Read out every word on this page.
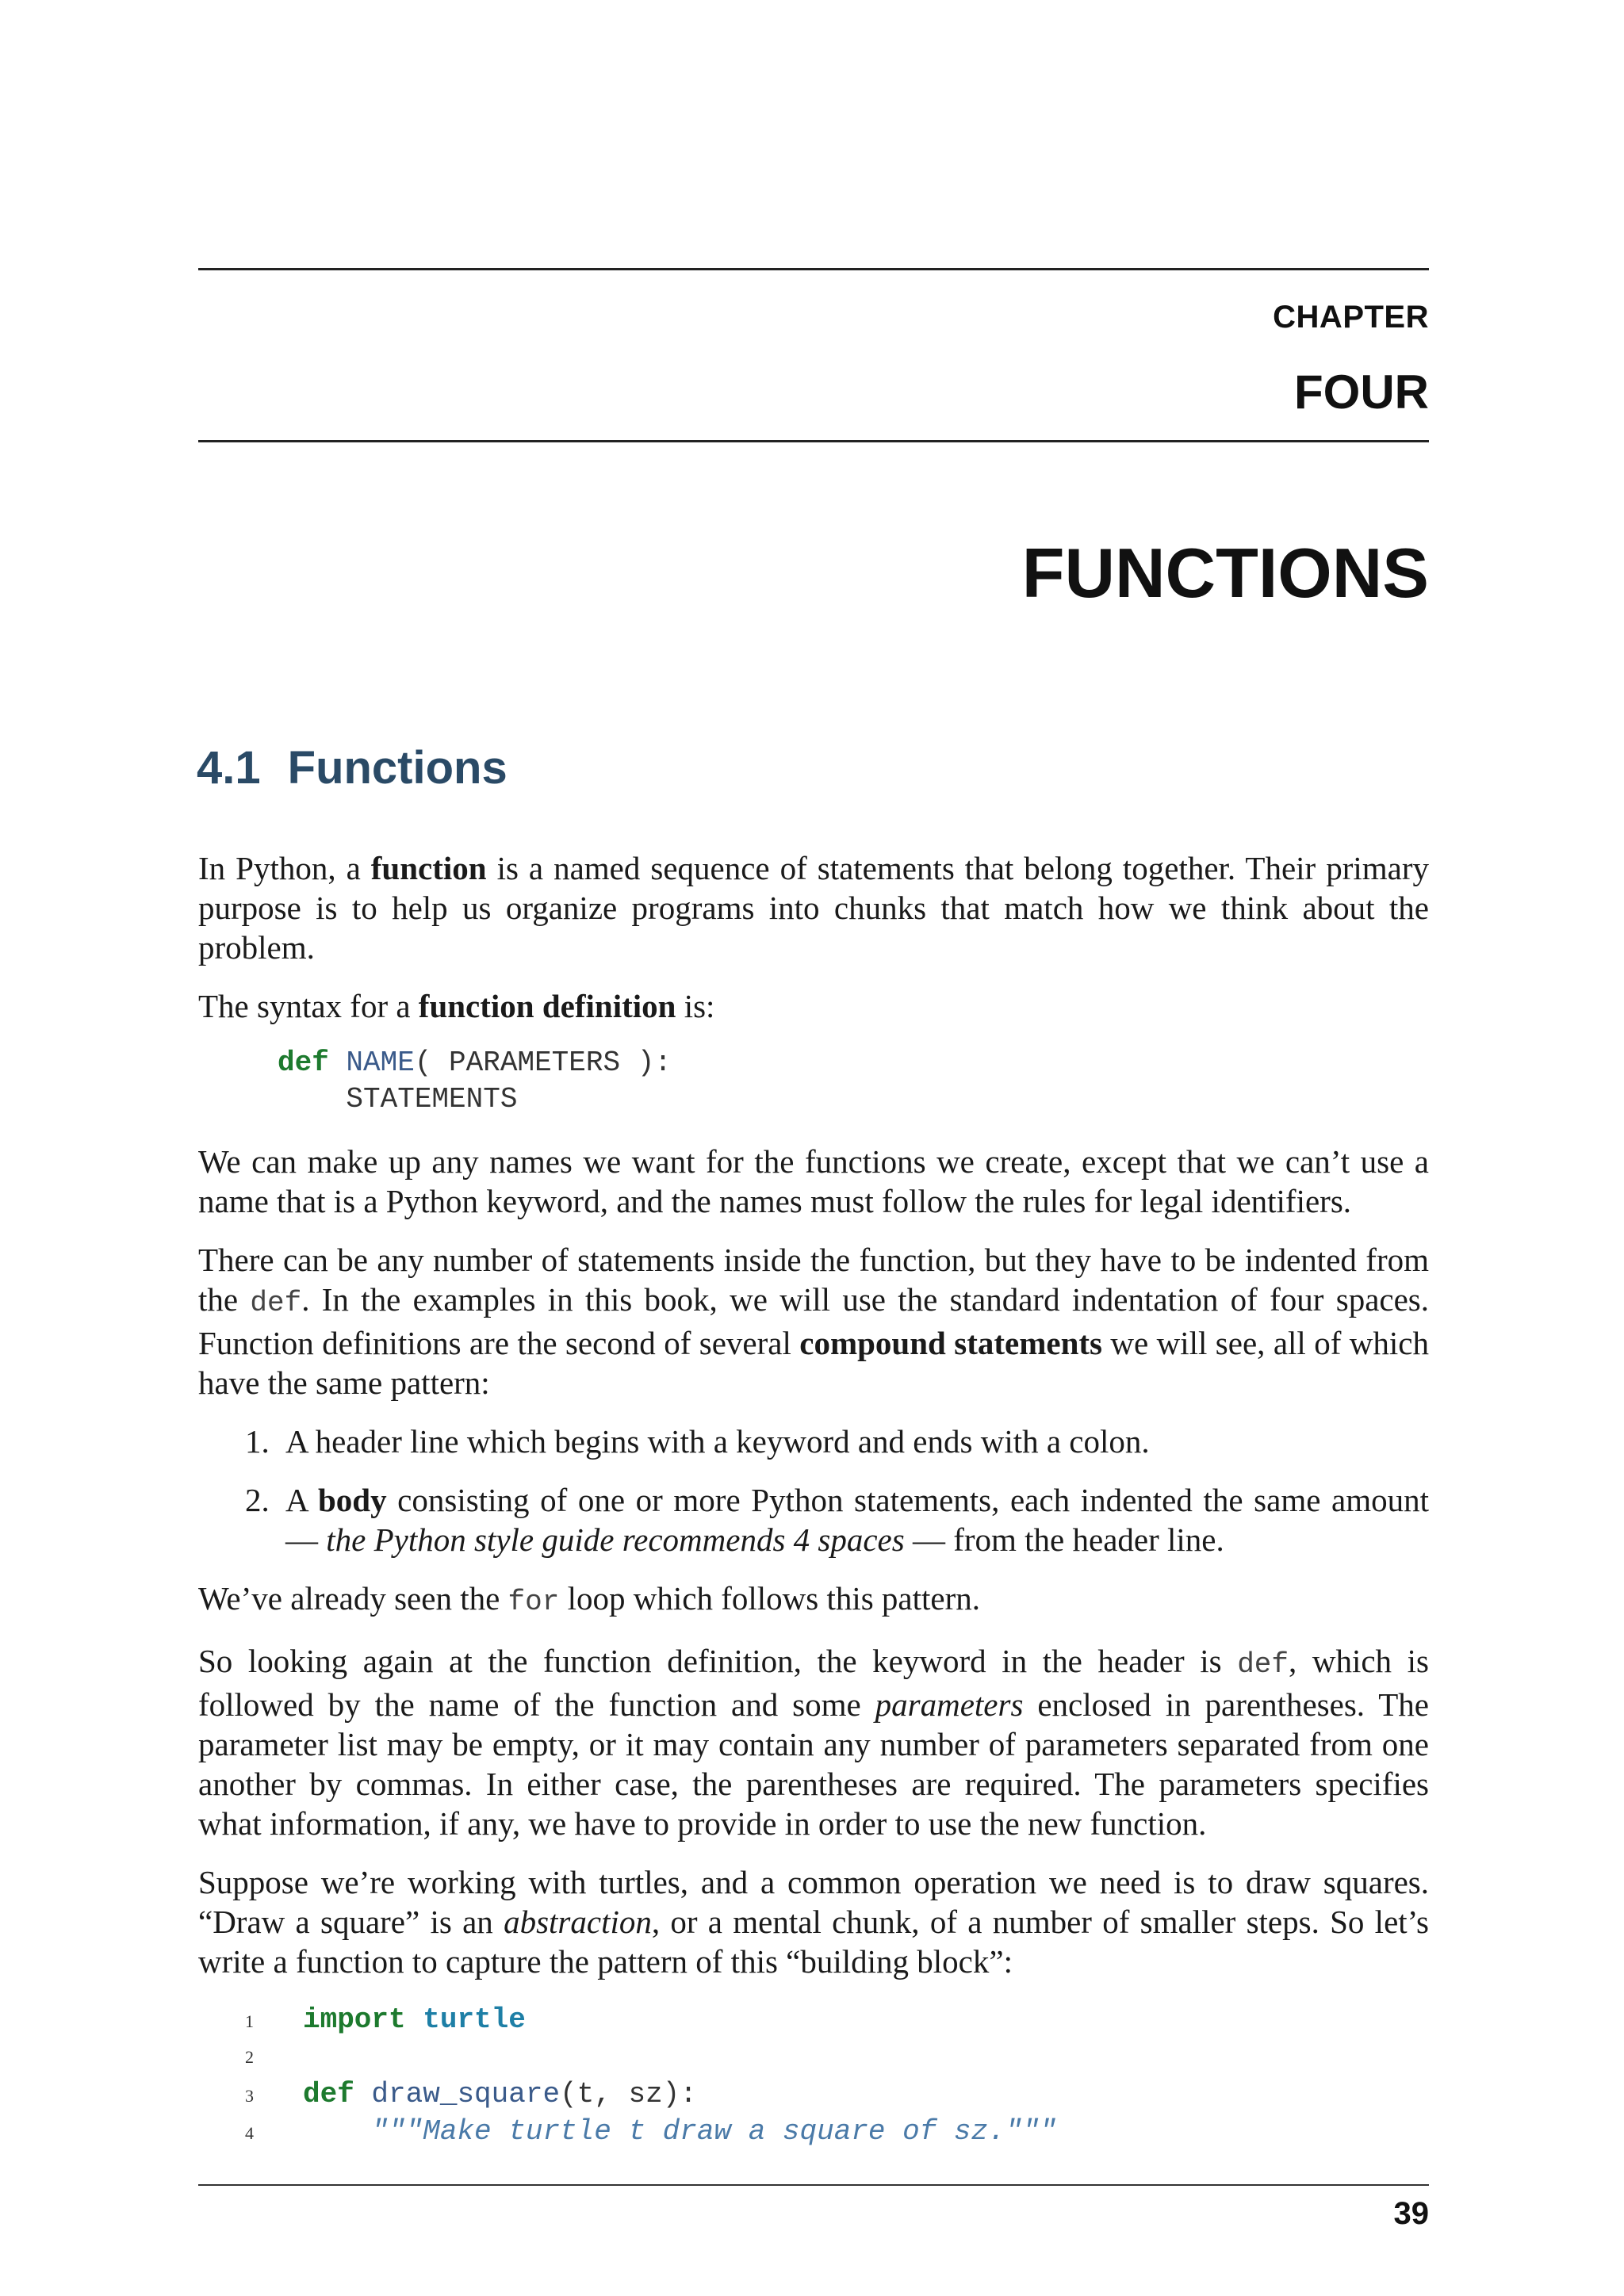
CHAPTER
FOUR
FUNCTIONS
4.1 Functions

In Python, a function is a named sequence of statements that belong together. Their primary purpose is to help us organize programs into chunks that match how we think about the problem.

The syntax for a function definition is:

def NAME( PARAMETERS ):
STATEMENTS

We can make up any names we want for the functions we create, except that we can’t use a name that is a Python keyword, and the names must follow the rules for legal identifiers.

There can be any number of statements inside the function, but they have to be indented from the def. In the examples in this book, we will use the standard indentation of four spaces. Function definitions are the second of several compound statements we will see, all of which have the same pattern:

1. A header line which begins with a keyword and ends with a colon.
2. A body consisting of one or more Python statements, each indented the same amount — the Python style guide recommends 4 spaces — from the header line.

We’ve already seen the for loop which follows this pattern.

So looking again at the function definition, the keyword in the header is def, which is followed by the name of the function and some parameters enclosed in parentheses. The parameter list may be empty, or it may contain any number of parameters separated from one another by commas. In either case, the parentheses are required. The parameters specifies what information, if any, we have to provide in order to use the new function.

Suppose we’re working with turtles, and a common operation we need is to draw squares. “Draw a square” is an abstraction, or a mental chunk, of a number of smaller steps. So let’s write a function to capture the pattern of this “building block”:

1 import turtle
2
3 def draw_square(t, sz):
4 """Make turtle t draw a square of sz."""
39
